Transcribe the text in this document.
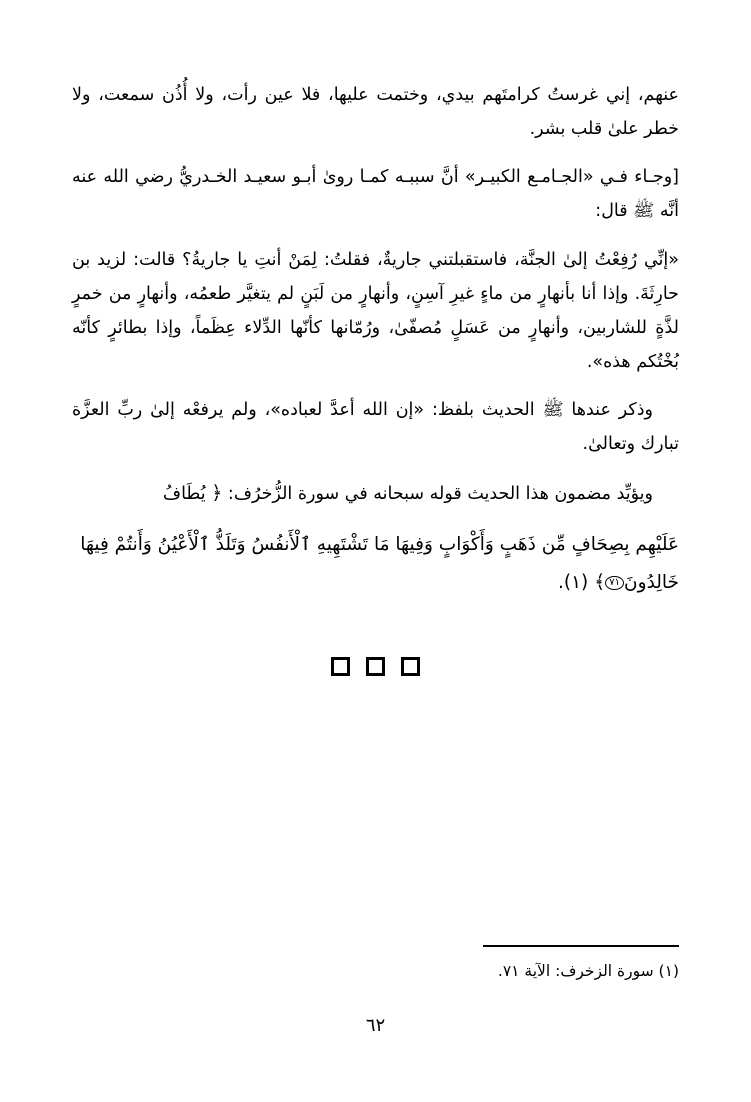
عنهم، إني غرستُ كرامتَهم بيدي، وختمت عليها، فلا عين رأت، ولا أُذُن سمعت، ولا خطر علىٰ قلب بشر.

[وجـاء فـي «الجـامـع الكبيـر» أنَّ سببـه كمـا روىٰ أبـو سعيـد الخـدريُّ رضي الله عنه أنَّه ﷺ قال:

«إنِّي رُفِعْتُ إلىٰ الجنَّة، فاستقبلتني جاريةٌ، فقلتُ: لِمَنْ أنتِ يا جاريةُ؟ قالت: لزيد بن حارِثَةَ. وإذا أنا بأنهارٍ من ماءٍ غيرِ آسِنٍ، وأنهارٍ من لَبَنٍ لم يتغيَّر طعمُه، وأنهارٍ من خمرٍ لذَّةٍ للشاربين، وأنهارٍ من عَسَلٍ مُصفّىٰ، ورُمّانها كأنّها الدِّلاء عِظَماً، وإذا بطائرٍ كأنّه بُخْتُكم هذه».

وذكر عندها ﷺ الحديث بلفظ: «إن الله أعدَّ لعباده»، ولم يرفعْه إلىٰ ربِّ العزَّة تبارك وتعالىٰ.

ويؤيِّد مضمون هذا الحديث قوله سبحانه في سورة الزُّخرُف: ﴿ يُطَافُ

عَلَيْهِم بِصِحَافٍ مِّن ذَهَبٍ وَأَكْوَابٍ وَفِيهَا مَا تَشْتَهِيهِ ٱلْأَنفُسُ وَتَلَذُّ ٱلْأَعْيُنُ وَأَنتُمْ فِيهَا

خَالِدُونَ٧١﴾ (١).

(١) سورة الزخرف: الآية ٧١.
٦٢
